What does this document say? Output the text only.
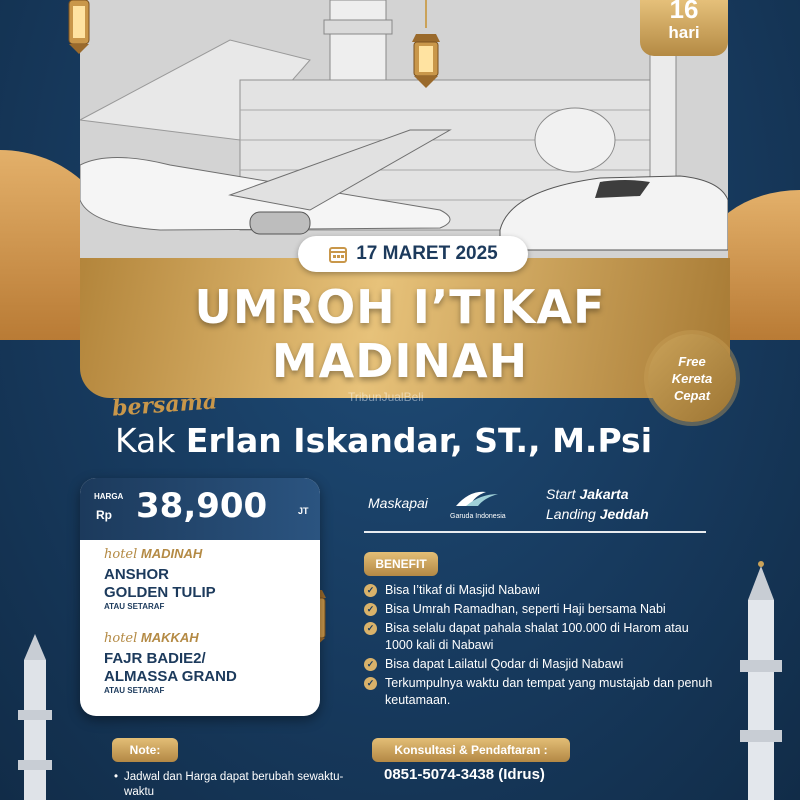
16
hari
17 MARET 2025
UMROH I’TIKAF
MADINAH
TribunJualBeli
Free
Kereta
Cepat
bersama
Kak Erlan Iskandar, ST., M.Psi
HARGA
Rp 38,900	JT
hotel MADINAH
ANSHOR
GOLDEN TULIP
ATAU SETARAF
hotel MAKKAH
FAJR BADIE2/
ALMASSA GRAND
ATAU SETARAF
Maskapai
Garuda Indonesia
Start Jakarta
Landing Jeddah
BENEFIT
✓ Bisa I’tikaf di Masjid Nabawi
✓ Bisa Umrah Ramadhan, seperti Haji bersama Nabi
✓ Bisa selalu dapat pahala shalat 100.000 di Harom atau 1000 kali di Nabawi
✓ Bisa dapat Lailatul Qodar di Masjid Nabawi
✓ Terkumpulnya waktu dan tempat yang mustajab dan penuh keutamaan.
Note:
• Jadwal dan Harga dapat berubah sewaktu-waktu
Konsultasi & Pendaftaran :
0851-5074-3438 (Idrus)
